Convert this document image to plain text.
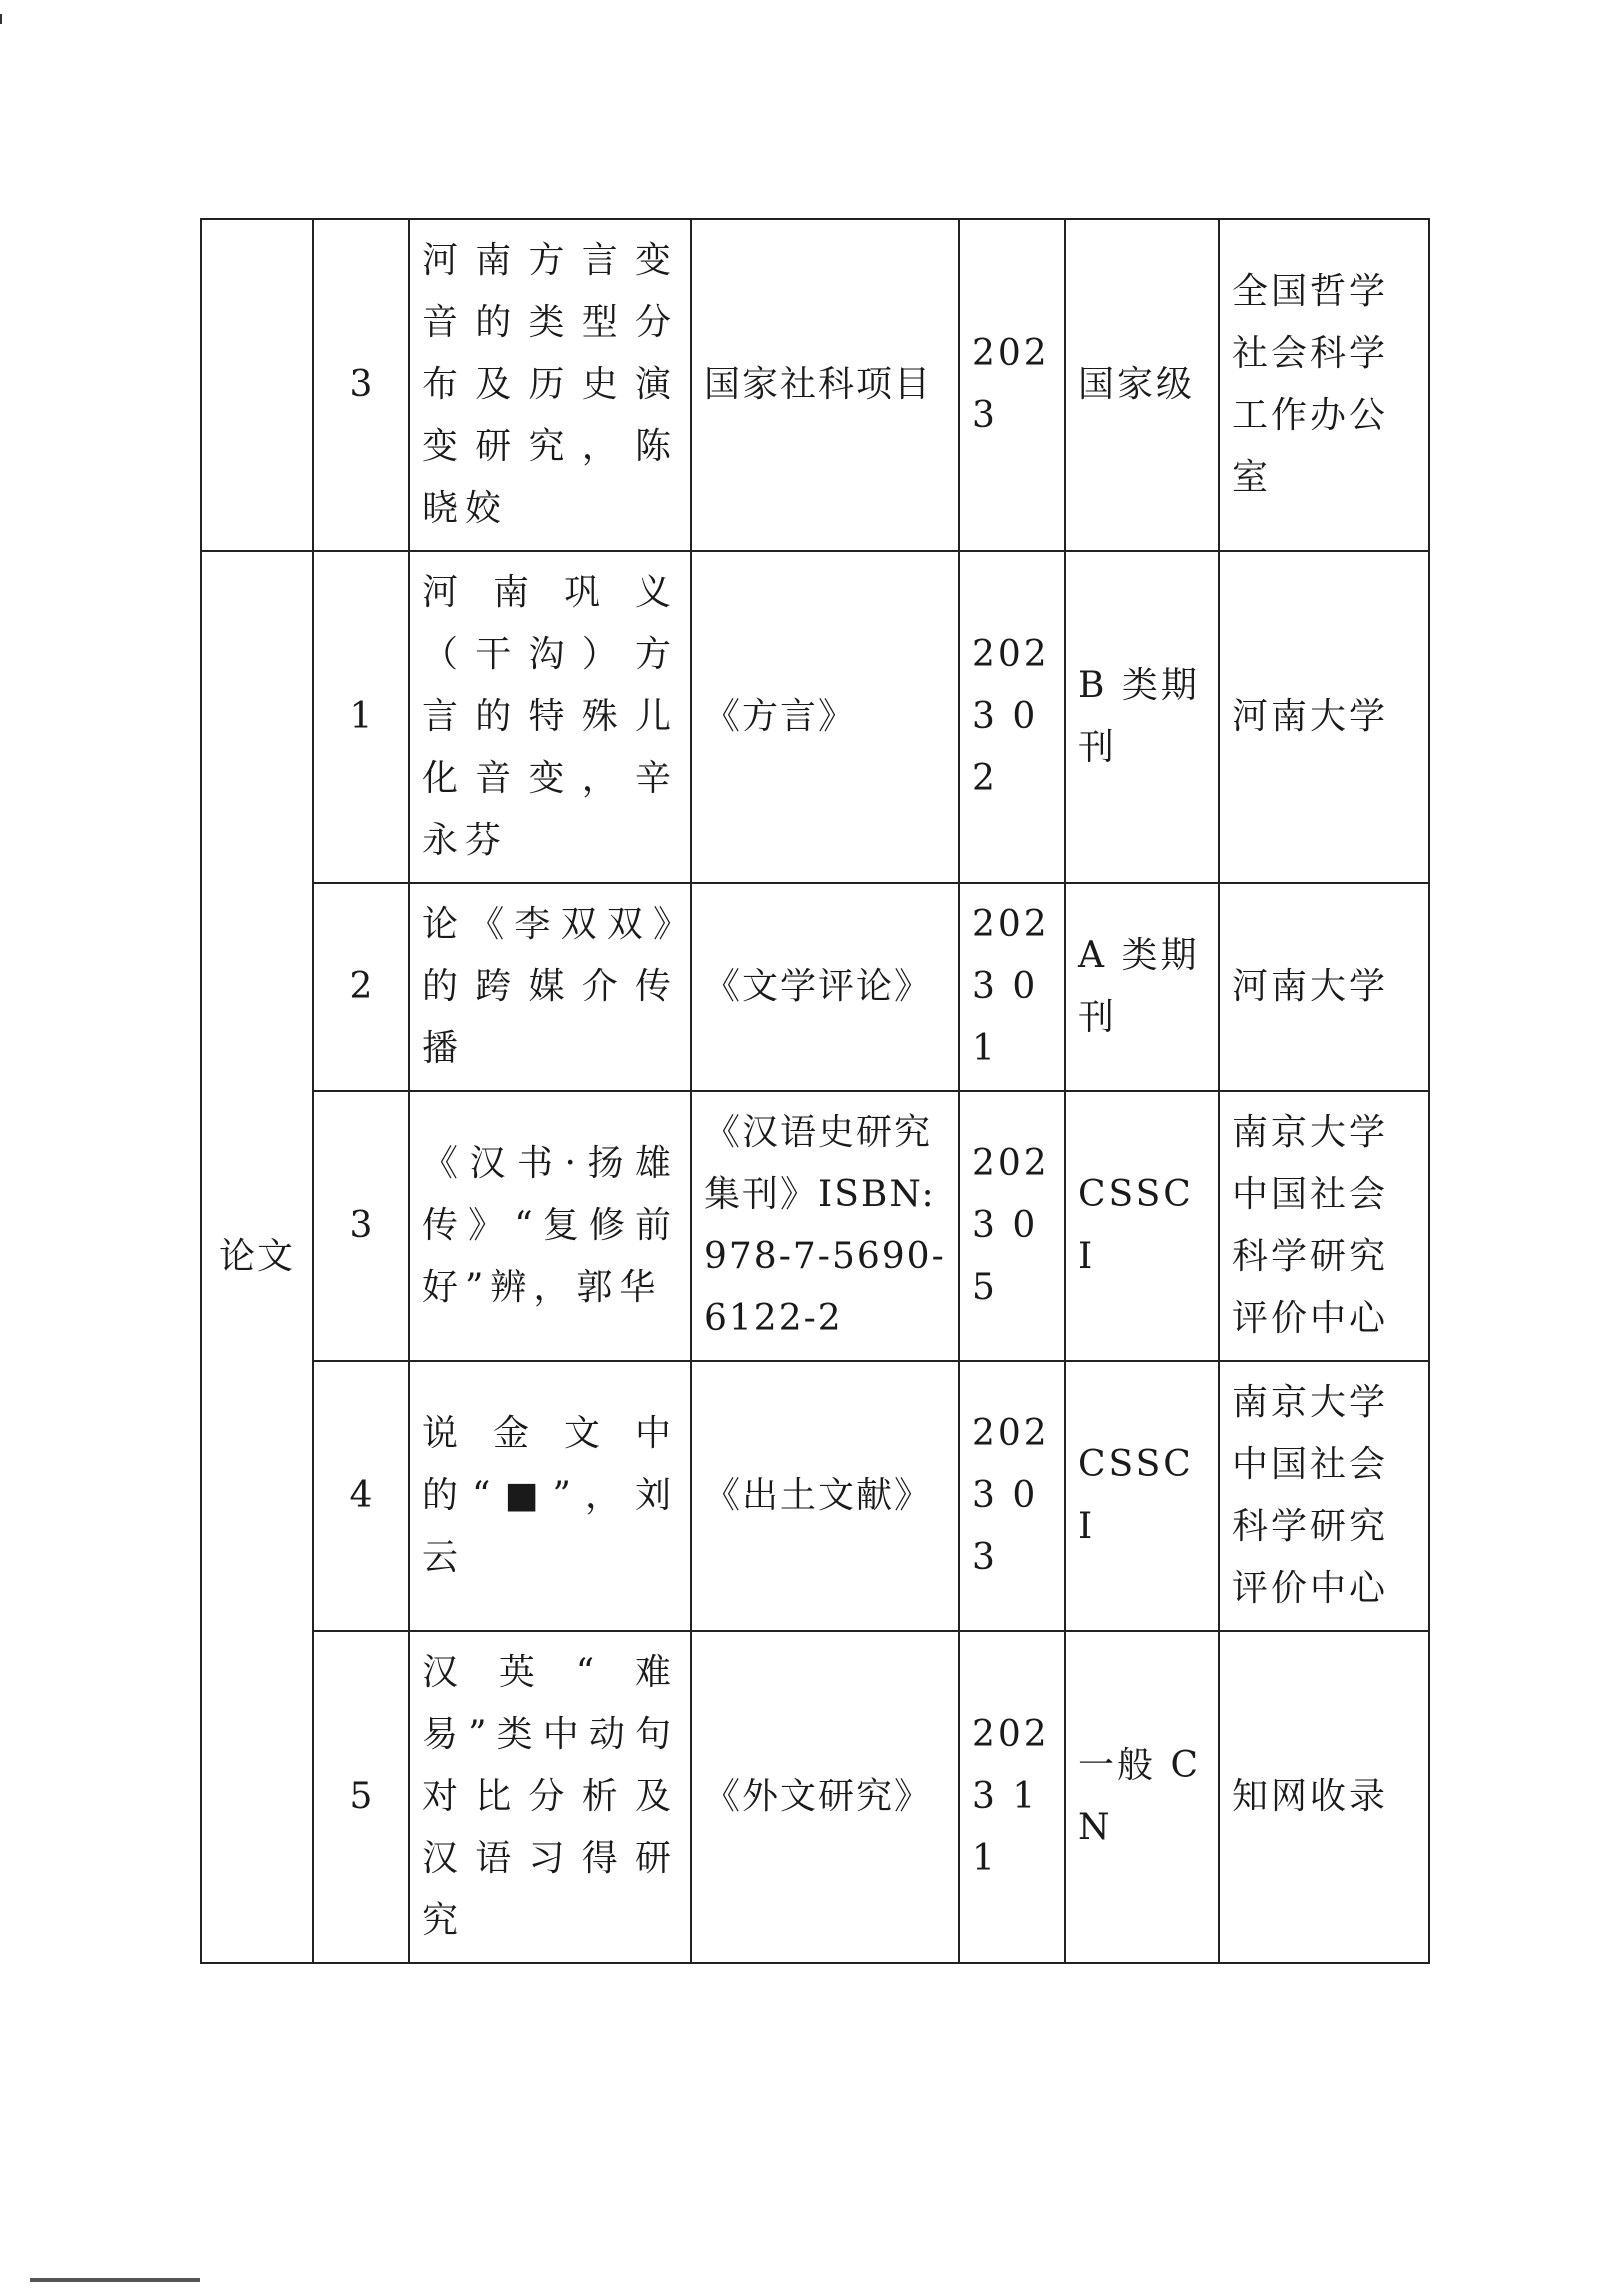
	3	河南方言变音的类型分布及历史演变研究，陈晓姣	国家社科项目	2023	国家级	全国哲学社会科学工作办公室
论文	1	河南巩义（干沟）方言的特殊儿化音变，辛永芬	《方言》	2023 02	B 类期刊	河南大学
	2	论《李双双》的跨媒介传播	《文学评论》	2023 01	A 类期刊	河南大学
	3	《汉书·扬雄传》“复修前好”辨，郭华	《汉语史研究集刊》ISBN: 978-7-5690-6122-2	2023 05	CSSCI	南京大学中国社会科学研究评价中心
	4	说金文中的“■”，刘云	《出土文献》	2023 03	CSSCI	南京大学中国社会科学研究评价中心
	5	汉英“难易”类中动句对比分析及汉语习得研究	《外文研究》	2023 11	一般 CN	知网收录
